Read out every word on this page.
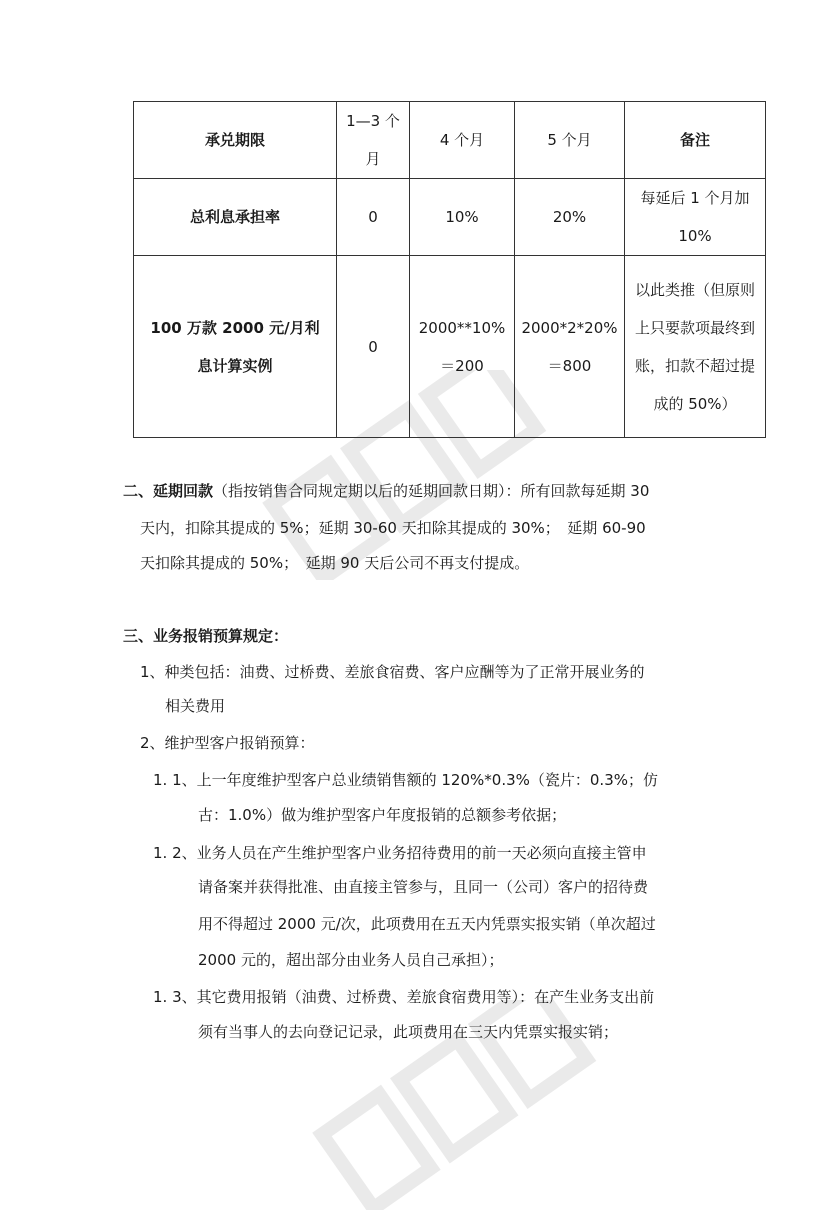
承兑期限	1—3 个月	4 个月	5 个月	备注
总利息承担率	0	10%	20%	每延后 1 个月加 10%
100 万款 2000 元/月利息计算实例	0	2000**10%＝200	2000*2*20%＝800	以此类推（但原则上只要款项最终到账，扣款不超过提成的 50%）
二、延期回款（指按销售合同规定期以后的延期回款日期）：所有回款每延期 30
天内，扣除其提成的 5%；延期 30-60 天扣除其提成的 30%；　延期 60-90
天扣除其提成的 50%；　延期 90 天后公司不再支付提成。
三、业务报销预算规定：
1、种类包括：油费、过桥费、差旅食宿费、客户应酬等为了正常开展业务的
相关费用
2、维护型客户报销预算：
1. 1、上一年度维护型客户总业绩销售额的 120%*0.3%（瓷片：0.3%；仿
古：1.0%）做为维护型客户年度报销的总额参考依据；
1. 2、业务人员在产生维护型客户业务招待费用的前一天必须向直接主管申
请备案并获得批准、由直接主管参与，且同一（公司）客户的招待费
用不得超过 2000 元/次，此项费用在五天内凭票实报实销（单次超过
2000 元的，超出部分由业务人员自己承担）；
1. 3、其它费用报销（油费、过桥费、差旅食宿费用等）：在产生业务支出前
须有当事人的去向登记记录，此项费用在三天内凭票实报实销；
